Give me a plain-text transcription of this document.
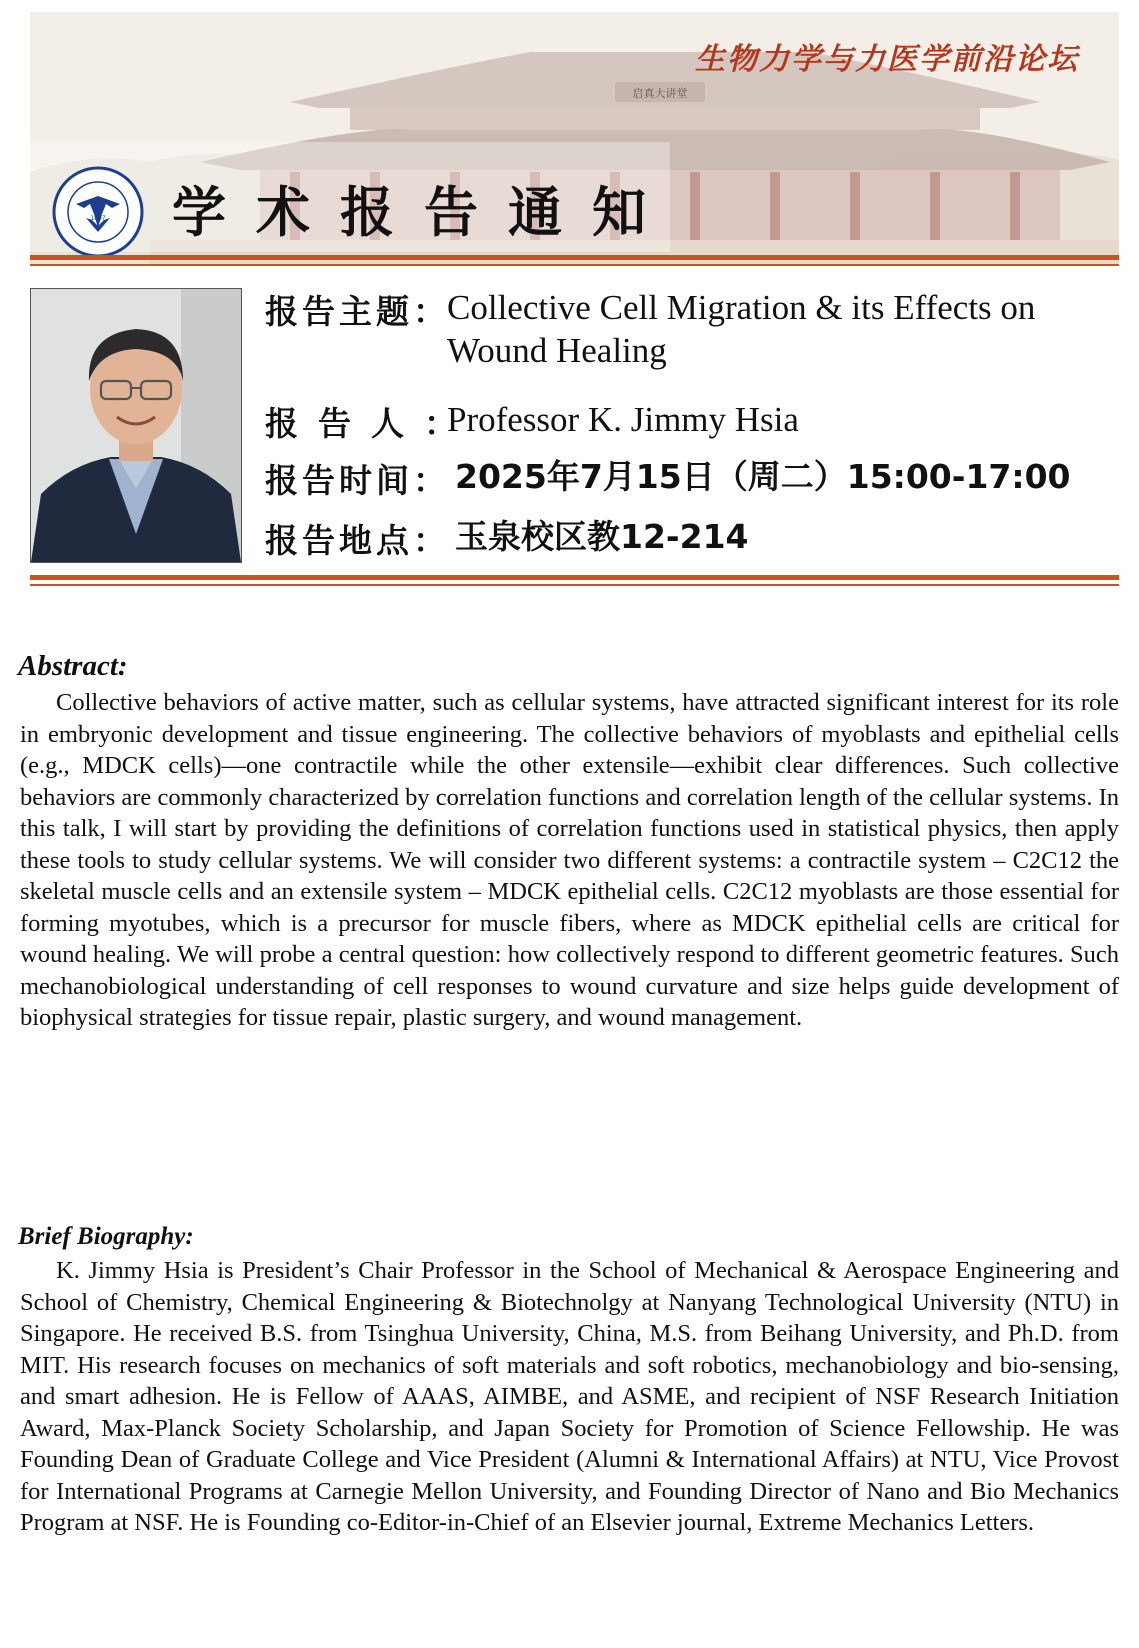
启真大讲堂
生物力学与力医学前沿论坛
1897 学术报告通知
报告主题：
Collective Cell Migration & its Effects on
Wound Healing
报告人：
Professor K. Jimmy Hsia
报告时间： 2025年7月15日（周二）15:00-17:00
报告地点： 玉泉校区教12-214
Abstract:
Collective behaviors of active matter, such as cellular systems, have attracted significant interest for its role in embryonic development and tissue engineering. The collective behaviors of myoblasts and epithelial cells (e.g., MDCK cells)—one contractile while the other extensile—exhibit clear differences. Such collective behaviors are commonly characterized by correlation functions and correlation length of the cellular systems. In this talk, I will start by providing the definitions of correlation functions used in statistical physics, then apply these tools to study cellular systems. We will consider two different systems: a contractile system – C2C12 the skeletal muscle cells and an extensile system – MDCK epithelial cells. C2C12 myoblasts are those essential for forming myotubes, which is a precursor for muscle fibers, where as MDCK epithelial cells are critical for wound healing. We will probe a central question: how collectively respond to different geometric features. Such mechanobiological understanding of cell responses to wound curvature and size helps guide development of biophysical strategies for tissue repair, plastic surgery, and wound management.
Brief Biography:
K. Jimmy Hsia is President’s Chair Professor in the School of Mechanical & Aerospace Engineering and School of Chemistry, Chemical Engineering & Biotechnolgy at Nanyang Technological University (NTU) in Singapore. He received B.S. from Tsinghua University, China, M.S. from Beihang University, and Ph.D. from MIT. His research focuses on mechanics of soft materials and soft robotics, mechanobiology and bio-sensing, and smart adhesion. He is Fellow of AAAS, AIMBE, and ASME, and recipient of NSF Research Initiation Award, Max-Planck Society Scholarship, and Japan Society for Promotion of Science Fellowship. He was Founding Dean of Graduate College and Vice President (Alumni & International Affairs) at NTU, Vice Provost for International Programs at Carnegie Mellon University, and Founding Director of Nano and Bio Mechanics Program at NSF. He is Founding co-Editor-in-Chief of an Elsevier journal, Extreme Mechanics Letters.
